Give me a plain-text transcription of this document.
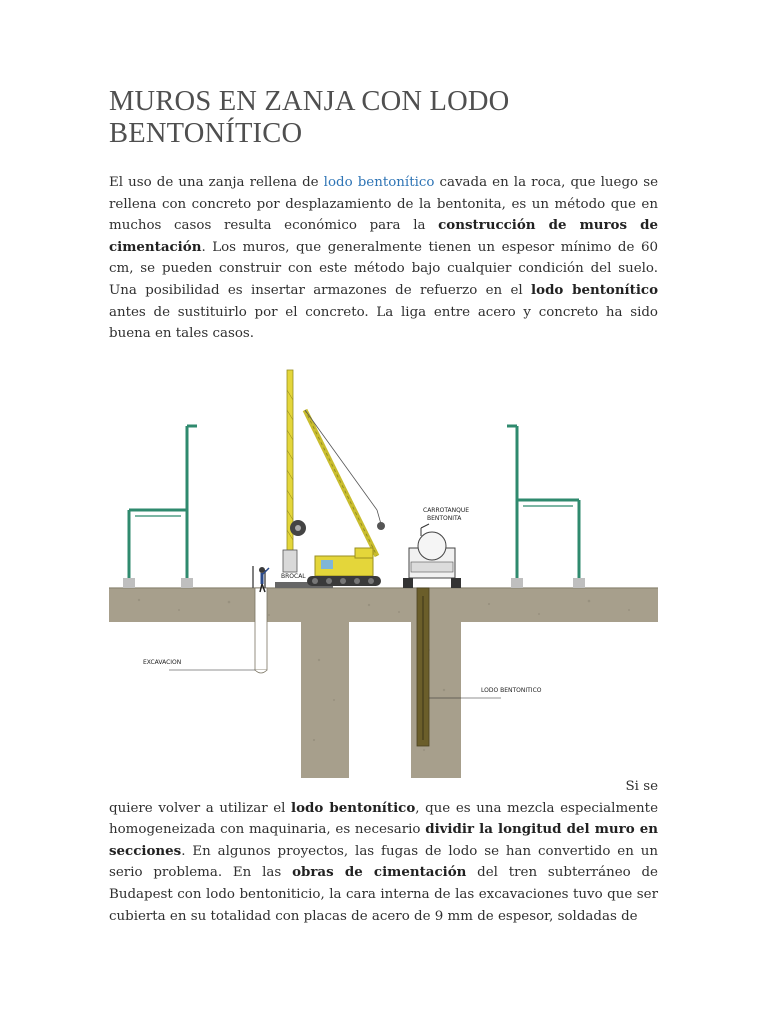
MUROS EN ZANJA CON LODO BENTONÍTICO

El uso de una zanja rellena de lodo bentonítico cavada en la roca, que luego se rellena con concreto por desplazamiento de la bentonita, es un método que en muchos casos resulta económico para la construcción de muros de cimentación. Los muros, que generalmente tienen un espesor mínimo de 60 cm, se pueden construir con este método bajo cualquier condición del suelo. Una posibilidad es insertar armazones de refuerzo en el lodo bentonítico antes de sustituirlo por el concreto. La liga entre acero y concreto ha sido buena en tales casos.

BROCAL
CARROTANQUE
BENTONITA
EXCAVACION
LODO BENTONITICO

Si sequiere volver a utilizar el lodo bentonítico, que es una mezcla especialmente homogeneizada con maquinaria, es necesario dividir la longitud del muro en secciones. En algunos proyectos, las fugas de lodo se han convertido en un serio problema. En las obras de cimentación del tren subterráneo de Budapest con lodo bentoniticio, la cara interna de las excavaciones tuvo que ser cubierta en su totalidad con placas de acero de 9 mm de espesor, soldadas de
